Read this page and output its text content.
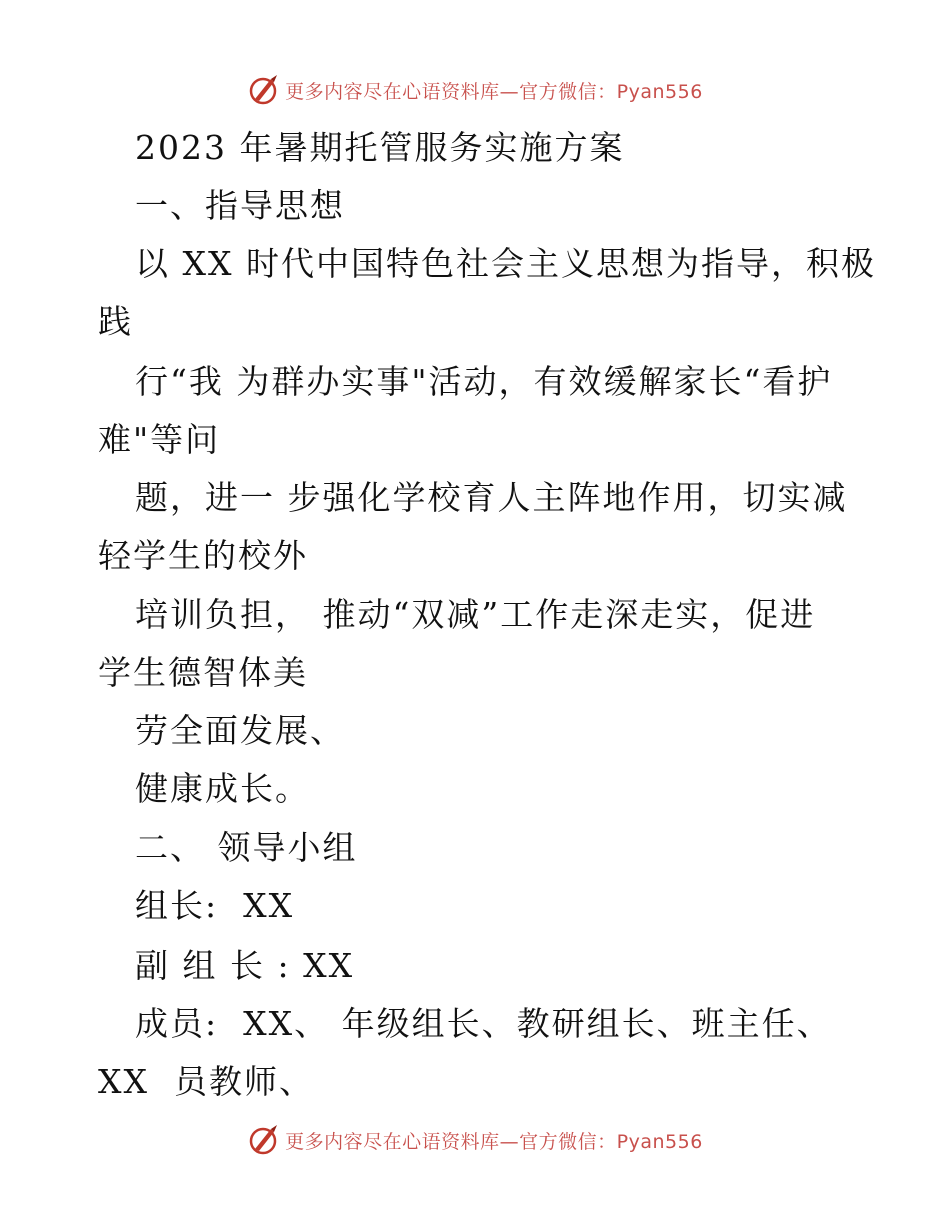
更多内容尽在心语资料库—官方微信：Pyan556
2023 年暑期托管服务实施方案
一、指导思想
以 XX 时代中国特色社会主义思想为指导，积极
践
行“我 为群办实事"活动，有效缓解家长“看护
难"等问
题，进一 步强化学校育人主阵地作用，切实减
轻学生的校外
培训负担， 推动“双减”工作走深走实，促进
学生德智体美
劳全面发展、
健康成长。
二、 领导小组
组长:  XX
副 组 长 : XX
成员:  XX、 年级组长、教研组长、班主任、
XX  员教师、
更多内容尽在心语资料库—官方微信：Pyan556
